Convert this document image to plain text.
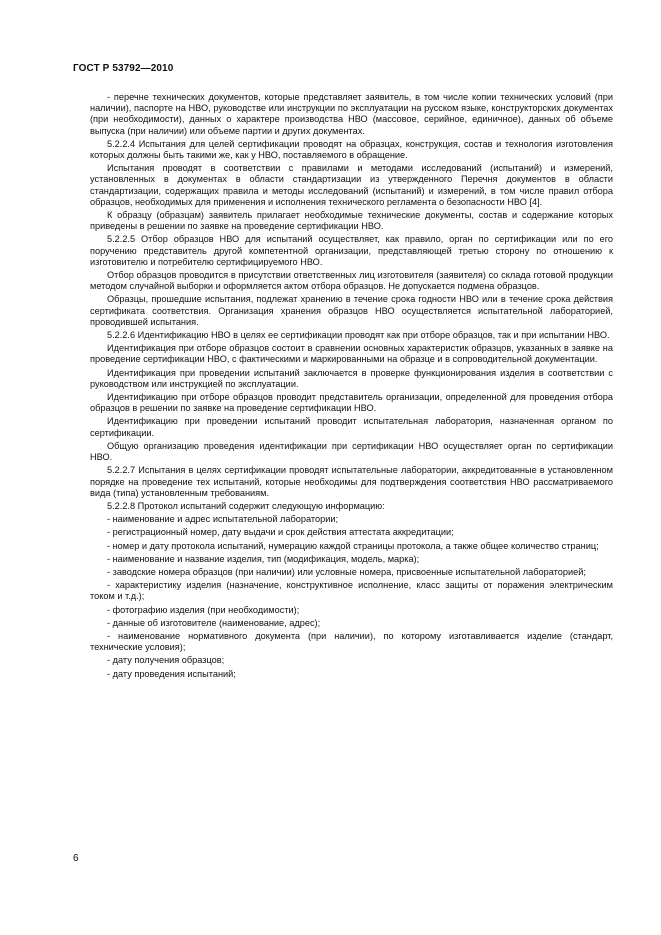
ГОСТ Р 53792—2010

- перечне технических документов, которые представляет заявитель, в том числе копии технических условий (при наличии), паспорте на НВО, руководстве или инструкции по эксплуатации на русском языке, конструкторских документах (при необходимости), данных о характере производства НВО (массовое, серийное, единичное), данных об объеме выпуска (при наличии) или объеме партии и других документах.

5.2.2.4 Испытания для целей сертификации проводят на образцах, конструкция, состав и технология изготовления которых должны быть такими же, как у НВО, поставляемого в обращение.

Испытания проводят в соответствии с правилами и методами исследований (испытаний) и измерений, установленных в документах в области стандартизации из утвержденного Перечня документов в области стандартизации, содержащих правила и методы исследований (испытаний) и измерений, в том числе правил отбора образцов, необходимых для применения и исполнения технического регламента о безопасности НВО [4].

К образцу (образцам) заявитель прилагает необходимые технические документы, состав и содержание которых приведены в решении по заявке на проведение сертификации НВО.

5.2.2.5 Отбор образцов НВО для испытаний осуществляет, как правило, орган по сертификации или по его поручению представитель другой компетентной организации, представляющей третью сторону по отношению к изготовителю и потребителю сертифицируемого НВО.

Отбор образцов проводится в присутствии ответственных лиц изготовителя (заявителя) со склада готовой продукции методом случайной выборки и оформляется актом отбора образцов. Не допускается подмена образцов.

Образцы, прошедшие испытания, подлежат хранению в течение срока годности НВО или в течение срока действия сертификата соответствия. Организация хранения образцов НВО осуществляется испытательной лабораторией, проводившей испытания.

5.2.2.6 Идентификацию НВО в целях ее сертификации проводят как при отборе образцов, так и при испытании НВО.

Идентификация при отборе образцов состоит в сравнении основных характеристик образцов, указанных в заявке на проведение сертификации НВО, с фактическими и маркированными на образце и в сопроводительной документации.

Идентификация при проведении испытаний заключается в проверке функционирования изделия в соответствии с руководством или инструкцией по эксплуатации.

Идентификацию при отборе образцов проводит представитель организации, определенной для проведения отбора образцов в решении по заявке на проведение сертификации НВО.

Идентификацию при проведении испытаний проводит испытательная лаборатория, назначенная органом по сертификации.

Общую организацию проведения идентификации при сертификации НВО осуществляет орган по сертификации НВО.

5.2.2.7 Испытания в целях сертификации проводят испытательные лаборатории, аккредитованные в установленном порядке на проведение тех испытаний, которые необходимы для подтверждения соответствия НВО рассматриваемого вида (типа) установленным требованиям.

5.2.2.8 Протокол испытаний содержит следующую информацию:

- наименование и адрес испытательной лаборатории;

- регистрационный номер, дату выдачи и срок действия аттестата аккредитации;

- номер и дату протокола испытаний, нумерацию каждой страницы протокола, а также общее количество страниц;

- наименование и название изделия, тип (модификация, модель, марка);

- заводские номера образцов (при наличии) или условные номера, присвоенные испытательной лабораторией;

- характеристику изделия (назначение, конструктивное исполнение, класс защиты от поражения электрическим током и т.д.);

- фотографию изделия (при необходимости);

- данные об изготовителе (наименование, адрес);

- наименование нормативного документа (при наличии), по которому изготавливается изделие (стандарт, технические условия);

- дату получения образцов;

- дату проведения испытаний;

6
